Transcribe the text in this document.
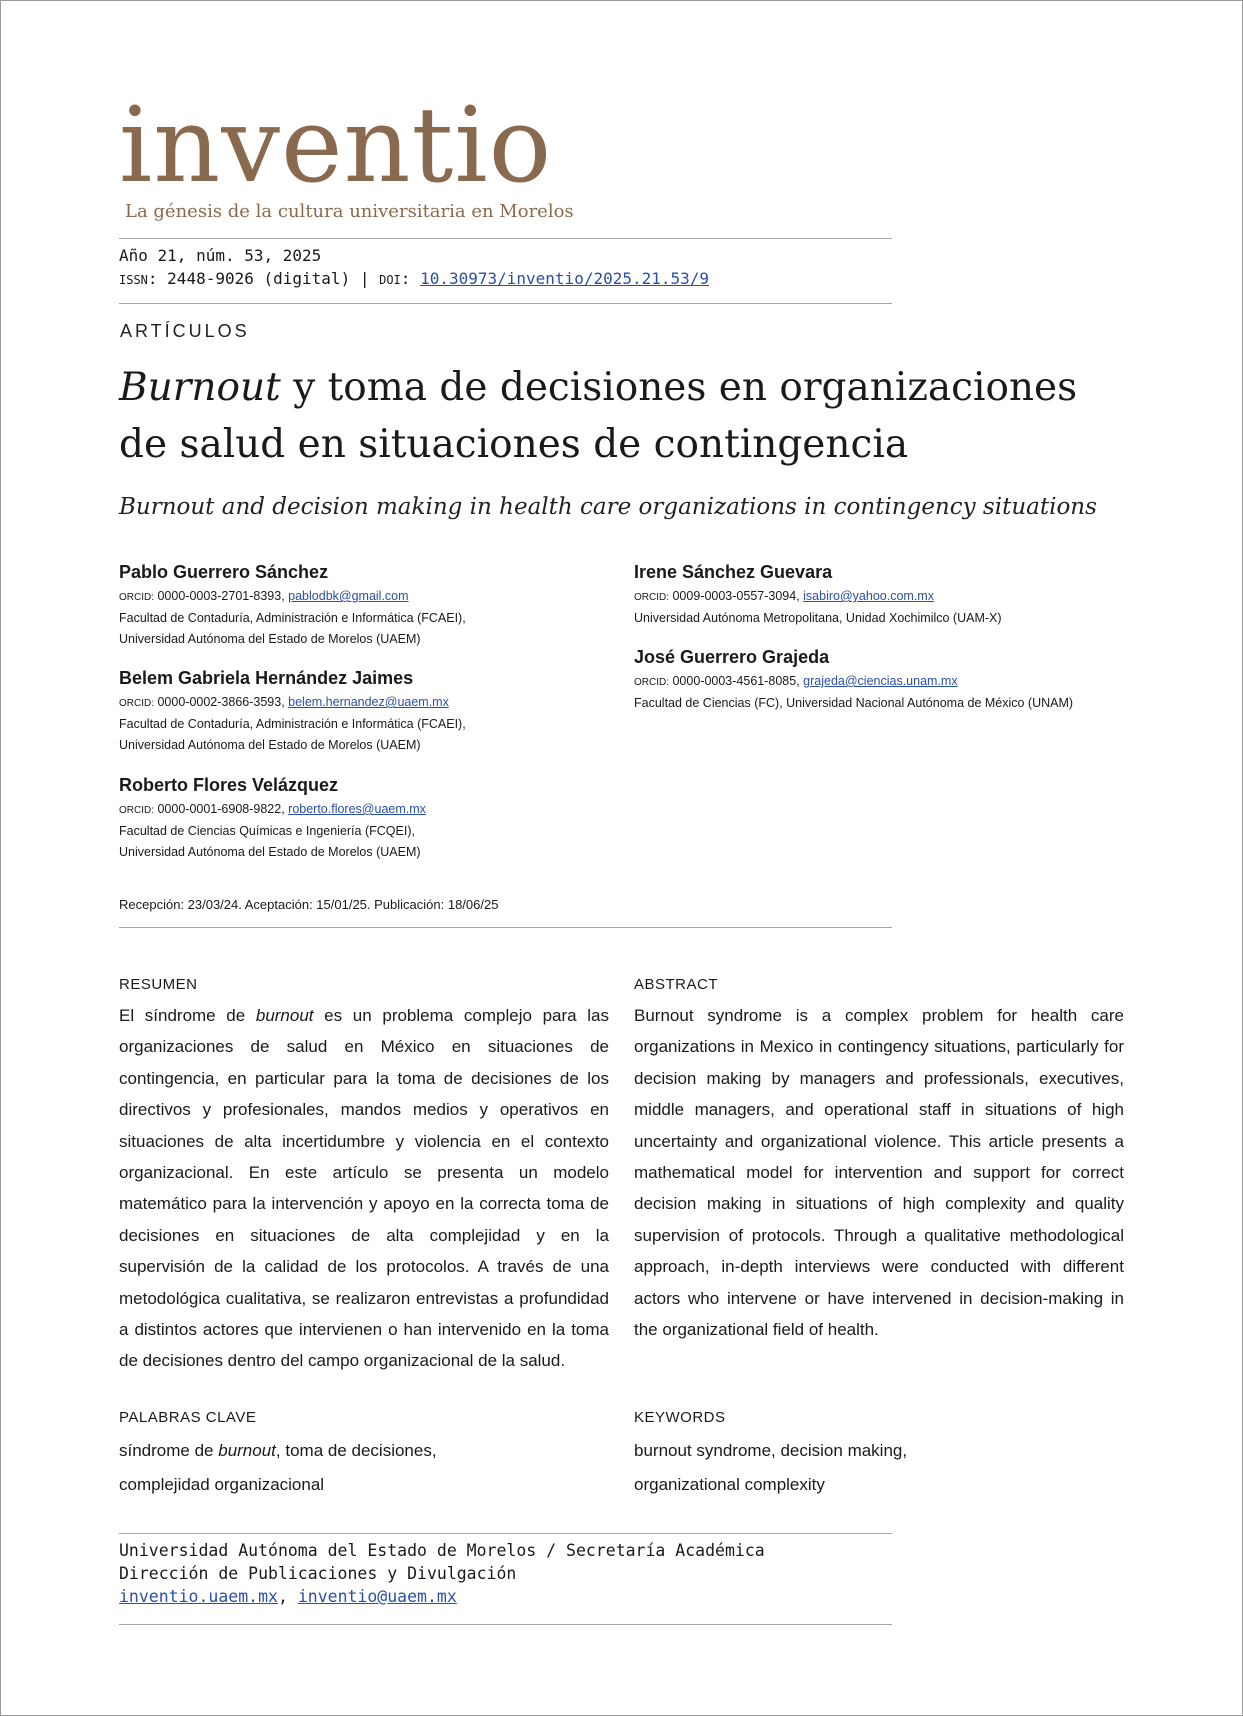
inventio
La génesis de la cultura universitaria en Morelos
Año 21, núm. 53, 2025
ISSN: 2448-9026 (digital) | DOI: 10.30973/inventio/2025.21.53/9
ARTÍCULOS
Burnout y toma de decisiones en organizaciones
de salud en situaciones de contingencia
Burnout and decision making in health care organizations in contingency situations
Pablo Guerrero Sánchez
ORCID: 0000-0003-2701-8393, pablodbk@gmail.com
Facultad de Contaduría, Administración e Informática (FCAEI),
Universidad Autónoma del Estado de Morelos (UAEM)
Belem Gabriela Hernández Jaimes
ORCID: 0000-0002-3866-3593, belem.hernandez@uaem.mx
Facultad de Contaduría, Administración e Informática (FCAEI),
Universidad Autónoma del Estado de Morelos (UAEM)
Roberto Flores Velázquez
ORCID: 0000-0001-6908-9822, roberto.flores@uaem.mx
Facultad de Ciencias Químicas e Ingeniería (FCQEI),
Universidad Autónoma del Estado de Morelos (UAEM)
Irene Sánchez Guevara
ORCID: 0009-0003-0557-3094, isabiro@yahoo.com.mx
Universidad Autónoma Metropolitana, Unidad Xochimilco (UAM-X)
José Guerrero Grajeda
ORCID: 0000-0003-4561-8085, grajeda@ciencias.unam.mx
Facultad de Ciencias (FC), Universidad Nacional Autónoma de México (UNAM)
Recepción: 23/03/24. Aceptación: 15/01/25. Publicación: 18/06/25
RESUMEN
El síndrome de burnout es un problema complejo para las organizaciones de salud en México en situaciones de contingencia, en particular para la toma de decisiones de los directivos y profesionales, mandos medios y operativos en situaciones de alta incertidumbre y violencia en el contexto organizacional. En este artículo se presenta un modelo matemático para la intervención y apoyo en la correcta toma de decisiones en situaciones de alta complejidad y en la supervisión de la calidad de los protocolos. A través de una metodológica cualitativa, se realizaron entrevistas a profundidad a distintos actores que intervienen o han intervenido en la toma de decisiones dentro del campo organizacional de la salud.
ABSTRACT
Burnout syndrome is a complex problem for health care organizations in Mexico in contingency situations, particularly for decision making by managers and professionals, executives, middle managers, and operational staff in situations of high uncertainty and organizational violence. This article presents a mathematical model for intervention and support for correct decision making in situations of high complexity and quality supervision of protocols. Through a qualitative methodological approach, in-depth interviews were conducted with different actors who intervene or have intervened in decision-making in the organizational field of health.
PALABRAS CLAVE
síndrome de burnout, toma de decisiones,
complejidad organizacional
KEYWORDS
burnout syndrome, decision making,
organizational complexity
Universidad Autónoma del Estado de Morelos / Secretaría Académica
Dirección de Publicaciones y Divulgación
inventio.uaem.mx, inventio@uaem.mx
